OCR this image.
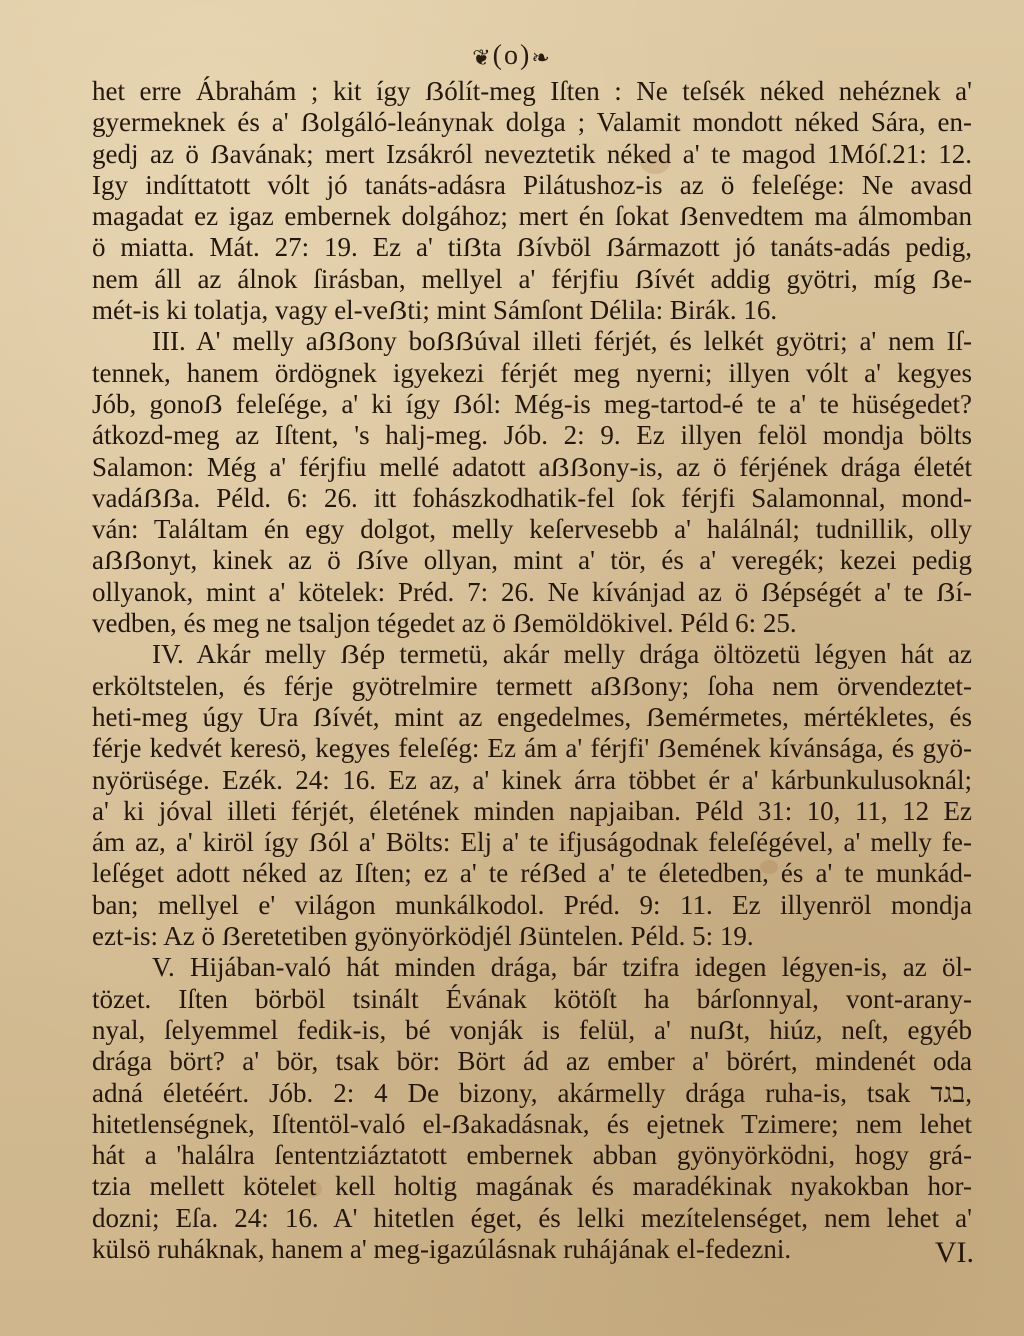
❦(o)❧
het erre Ábrahám ; kit így ẞólít-meg Iſten : Ne teſsék néked nehéznek a'
gyermeknek és a' ẞolgáló-leánynak dolga ; Valamit mondott néked Sára, en-
gedj az ö ẞavának; mert Izsákról neveztetik néked a' te magod 1Móſ.21: 12.
Igy indíttatott vólt jó tanáts-adásra Pilátushoz-is az ö feleſége: Ne avasd
magadat ez igaz embernek dolgához; mert én ſokat ẞenvedtem ma álmomban
ö miatta. Mát. 27: 19. Ez a' tiẞta ẞívböl ẞármazott jó tanáts-adás pedig,
nem áll az álnok ſirásban, mellyel a' férjfiu ẞívét addig gyötri, míg ẞe-
mét-is ki tolatja, vagy el-veẞti; mint Sámſont Délila: Birák. 16.
III. A' melly aẞẞony boẞẞúval illeti férjét, és lelkét gyötri; a' nem Iſ-
tennek, hanem ördögnek igyekezi férjét meg nyerni; illyen vólt a' kegyes
Jób, gonoẞ feleſége, a' ki így ẞól: Még-is meg-tartod-é te a' te hüségedet?
átkozd-meg az Iſtent, 's halj-meg. Jób. 2: 9. Ez illyen felöl mondja bölts
Salamon: Még a' férjfiu mellé adatott aẞẞony-is, az ö férjének drága életét
vadáẞẞa. Péld. 6: 26. itt fohászkodhatik-fel ſok férjfi Salamonnal, mond-
ván: Találtam én egy dolgot, melly keſervesebb a' halálnál; tudnillik, olly
aẞẞonyt, kinek az ö ẞíve ollyan, mint a' tör, és a' veregék; kezei pedig
ollyanok, mint a' kötelek: Préd. 7: 26. Ne kívánjad az ö ẞépségét a' te ẞí-
vedben, és meg ne tsaljon tégedet az ö ẞemöldökivel. Péld 6: 25.
IV. Akár melly ẞép termetü, akár melly drága öltözetü légyen hát az
erköltstelen, és férje gyötrelmire termett aẞẞony; ſoha nem örvendeztet-
heti-meg úgy Ura ẞívét, mint az engedelmes, ẞemérmetes, mértékletes, és
férje kedvét keresö, kegyes feleſég: Ez ám a' férjfi' ẞemének kívánsága, és gyö-
nyörüsége. Ezék. 24: 16. Ez az, a' kinek árra többet ér a' kárbunkulusoknál;
a' ki jóval illeti férjét, életének minden napjaiban. Péld 31: 10, 11, 12 Ez
ám az, a' kiröl így ẞól a' Bölts: Elj a' te ifjuságodnak feleſégével, a' melly fe-
leſéget adott néked az Iſten; ez a' te réẞed a' te életedben, és a' te munkád-
ban; mellyel e' világon munkálkodol. Préd. 9: 11. Ez illyenröl mondja
ezt-is: Az ö ẞeretetiben gyönyörködjél ẞüntelen. Péld. 5: 19.
V. Hijában-való hát minden drága, bár tzifra idegen légyen-is, az öl-
tözet. Iſten börböl tsinált Évának kötöſt ha bárſonnyal, vont-arany-
nyal, ſelyemmel fedik-is, bé vonják is felül, a' nuẞt, hiúz, neſt, egyéb
drága bört? a' bör, tsak bör: Bört ád az ember a' börért, mindenét oda
adná életéért. Jób. 2: 4 De bizony, akármelly drága ruha-is, tsak בגד,
hitetlenségnek, Iſtentöl-való el-ẞakadásnak, és ejetnek Tzimere; nem lehet
hát a 'halálra ſententziáztatott embernek abban gyönyörködni, hogy grá-
tzia mellett kötelet kell holtig magának és maradékinak nyakokban hor-
dozni; Eſa. 24: 16. A' hitetlen éget, és lelki mezítelenséget, nem lehet a'
külsö ruháknak, hanem a' meg-igazúlásnak ruhájának el-fedezni.	VI.
